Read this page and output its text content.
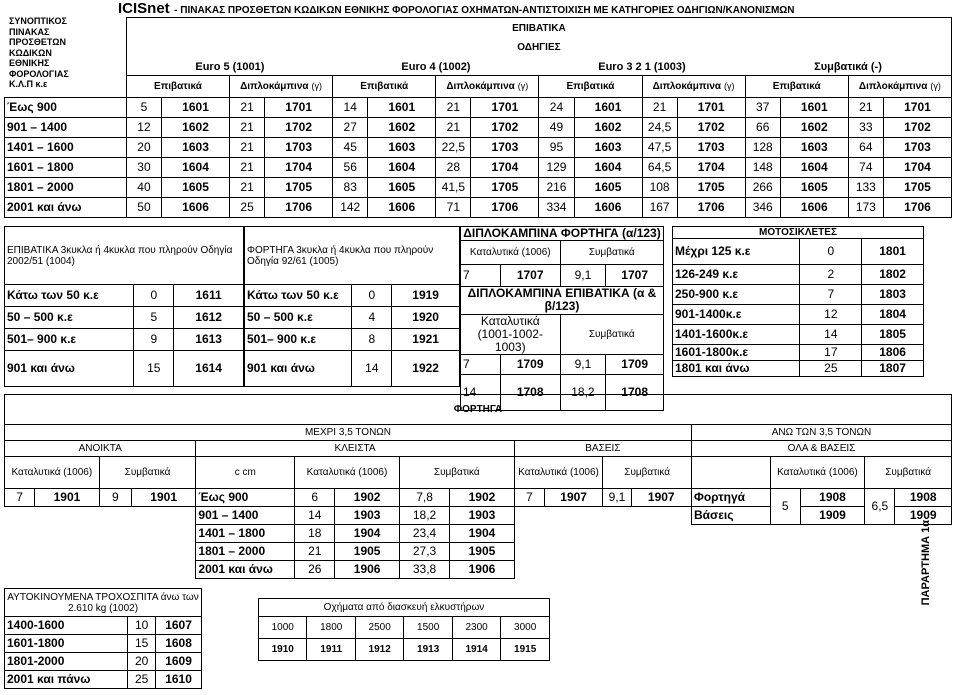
ICISnet - ΠΙΝΑΚΑΣ ΠΡΟΣΘΕΤΩΝ ΚΩΔΙΚΩΝ ΕΘΝΙΚΗΣ ΦΟΡΟΛΟΓΙΑΣ ΟΧΗΜΑΤΩΝ-ΑΝΤΙΣΤΟΙΧΙΣΗ ΜΕ ΚΑΤΗΓΟΡΙΕΣ ΟΔΗΓΙΩΝ/ΚΑΝΟΝΙΣΜΩΝ
ΣΥΝΟΠΤΙΚΟΣ ΠΙΝΑΚΑΣ ΠΡΟΣΘΕΤΩΝ ΚΩΔΙΚΩΝ ΕΘΝΙΚΗΣ ΦΟΡΟΛΟΓΙΑΣ Κ.Λ.Π κ.ε
	ΕΠΙΒΑΤΙΚΑ															

	ΟΔΗΓΙΕΣ
Euro 5 (1001) Euro 4 (1002) Euro 3 2 1 (1003) Συμβατικά (-)															

	Επιβατικά		Διπλοκάμπινα (γ)		Επιβατικά		Διπλοκάμπινα (γ)		Επιβατικά		Διπλοκάμπινα (γ)		Επιβατικά		Διπλοκάμπινα (γ)	
Έως 900	5	1601	21	1701	14	1601	21	1701	24	1601	21	1701	37	1601	21	1701
901 – 1400	12	1602	21	1702	27	1602	21	1702	49	1602	24,5	1702	66	1602	33	1702
1401 – 1600	20	1603	21	1703	45	1603	22,5	1703	95	1603	47,5	1703	128	1603	64	1703
1601 – 1800	30	1604	21	1704	56	1604	28	1704	129	1604	64,5	1704	148	1604	74	1704
1801 – 2000	40	1605	21	1705	83	1605	41,5	1705	216	1605	108	1705	266	1605	133	1705
2001 και άνω	50	1606	25	1706	142	1606	71	1706	334	1606	167	1706	346	1606	173	1706
ΕΠΙΒΑΤΙΚΑ 3κυκλα ή 4κυκλα που πληρούν Οδηγία 2002/51 (1004)		
Κάτω των 50 κ.ε	0	1611
50 – 500 κ.ε	5	1612
501– 900 κ.ε	9	1613
901 και άνω	15	1614
ΦΟΡΤΗΓΑ 3κυκλα ή 4κυκλα που πληρούν Οδηγία 92/61 (1005)		
Κάτω των 50 κ.ε	0	1919
50 – 500 κ.ε	4	1920
501– 900 κ.ε	8	1921
901 και άνω	14	1922
ΔΙΠΛΟΚΑΜΠΙΝΑ ΦΟΡΤΗΓΑ (α/123)			
Καταλυτικά (1006)		Συμβατικά	
7	1707	9,1	1707
ΔΙΠΛΟΚΑΜΠΙΝΑ ΕΠΙΒΑΤΙΚΑ (α & β/123)			
Καταλυτικά (1001-1002-1003)		Συμβατικά	
7	1709	9,1	1709
14	1708	18,2	1708
ΜΟΤΟΣΙΚΛΕΤΕΣ		
Μέχρι 125 κ.ε	0	1801
126-249 κ.ε	2	1802
250-900 κ.ε	7	1803
901-1400κ.ε	12	1804
1401-1600κ.ε	14	1805
1601-1800κ.ε	17	1806
1801 και άνω	25	1807
ΦΟΡΤΗΓΑ																	
ΜΕΧΡΙ 3,5 ΤΟΝΩΝ													ΑΝΩ ΤΩΝ 3,5 ΤΟΝΩΝ				
ΑΝΟΙΚΤΑ				ΚΛΕΙΣΤΑ					ΒΑΣΕΙΣ				ΟΛΑ & ΒΑΣΕΙΣ				
Καταλυτικά (1006)		Συμβατικά		c cm	Καταλυτικά (1006)		Συμβατικά		Καταλυτικά (1006)		Συμβατικά			Καταλυτικά (1006)		Συμβατικά	
7	1901	9	1901	Έως 900	6	1902	7,8	1902	7	1907	9,1	1907	Φορτηγά	5	1908	6,5	1908
				901 – 1400	14	1903	18,2	1903					Βάσεις		1909		1909
				1401 – 1800	18	1904	23,4	1904									
				1801 – 2000	21	1905	27,3	1905									
				2001 και άνω	26	1906	33,8	1906									
ΑΥΤΟΚΙΝΟΥΜΕΝΑ ΤΡΟΧΟΣΠΙΤΑ άνω των 2.610 kg (1002)		
1400-1600	10	1607
1601-1800	15	1608
1801-2000	20	1609
2001 και πάνω	25	1610
Οχήματα από διασκευή ελκυστήρων					
1000	1800	2500	1500	2300	3000
1910	1911	1912	1913	1914	1915
ΠΑΡΑΡΤΗΜΑ 1α
